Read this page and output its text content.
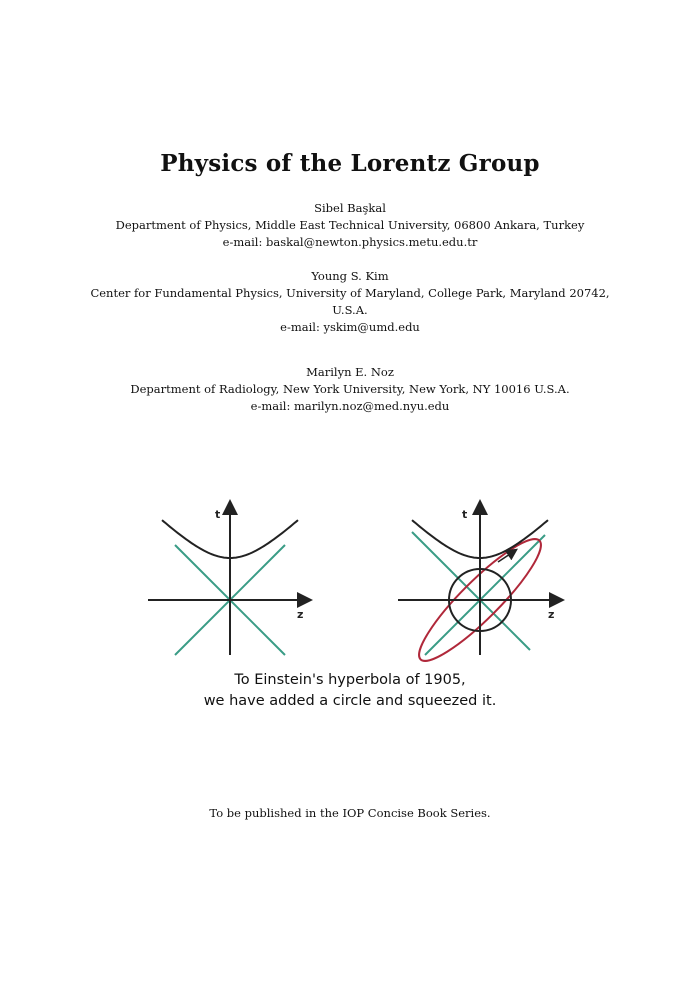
Physics of the Lorentz Group
Sibel Başkal
Department of Physics, Middle East Technical University, 06800 Ankara, Turkey
e-mail: baskal@newton.physics.metu.edu.tr
Young S. Kim
Center for Fundamental Physics, University of Maryland, College Park, Maryland 20742,
U.S.A.
e-mail: yskim@umd.edu
Marilyn E. Noz
Department of Radiology, New York University, New York, NY 10016 U.S.A.
e-mail: marilyn.noz@med.nyu.edu
t
z
t
z
To Einstein's hyperbola of 1905,
we have added a circle and squeezed it.
To be published in the IOP Concise Book Series.
